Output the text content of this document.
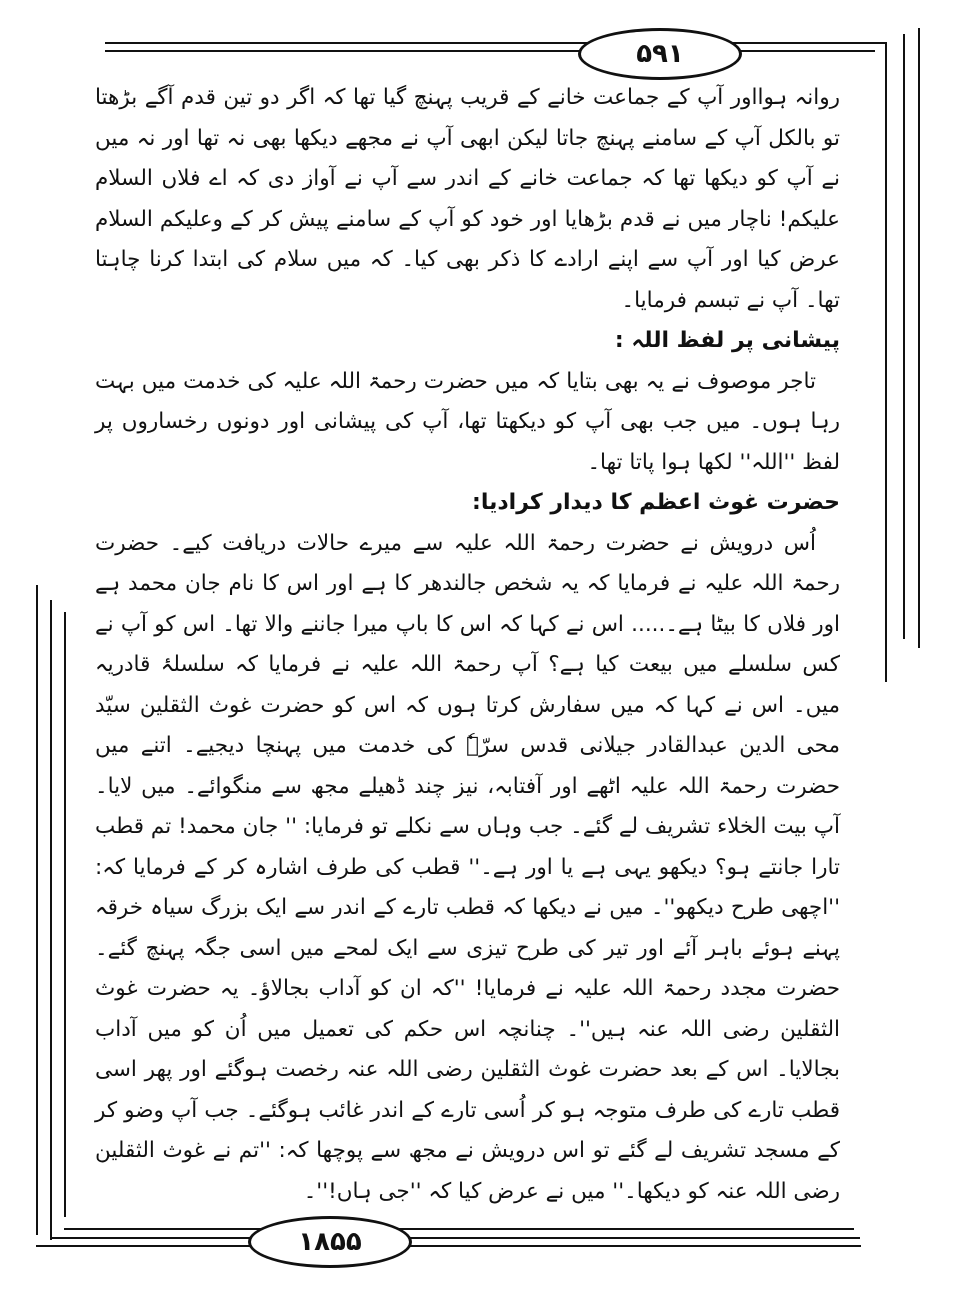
۵۹۱
۱۸۵۵

روانہ ہوااور آپ کے جماعت خانے کے قریب پہنچ گیا تھا کہ اگر دو تین قدم آگے بڑھتا تو بالکل آپ کے سامنے پہنچ جاتا لیکن ابھی آپ نے مجھے دیکھا بھی نہ تھا اور نہ میں نے آپ کو دیکھا تھا کہ جماعت خانے کے اندر سے آپ نے آواز دی کہ اے فلاں السلام علیکم! ناچار میں نے قدم بڑھایا اور خود کو آپ کے سامنے پیش کر کے وعلیکم السلام عرض کیا اور آپ سے اپنے ارادے کا ذکر بھی کیا۔ کہ میں سلام کی ابتدا کرنا چاہتا تھا۔ آپ نے تبسم فرمایا۔

پیشانی پر لفظ اللہ :

تاجر موصوف نے یہ بھی بتایا کہ میں حضرت رحمۃ اللہ علیہ کی خدمت میں بہت رہا ہوں۔ میں جب بھی آپ کو دیکھتا تھا، آپ کی پیشانی اور دونوں رخساروں پر لفظ ''اللہ'' لکھا ہوا پاتا تھا۔

حضرت غوث اعظم کا دیدار کرادیا:

اُس درویش نے حضرت رحمۃ اللہ علیہ سے میرے حالات دریافت کیے۔ حضرت رحمۃ اللہ علیہ نے فرمایا کہ یہ شخص جالندھر کا ہے اور اس کا نام جان محمد ہے اور فلاں کا بیٹا ہے۔..... اس نے کہا کہ اس کا باپ میرا جاننے والا تھا۔ اس کو آپ نے کس سلسلے میں بیعت کیا ہے؟ آپ رحمۃ اللہ علیہ نے فرمایا کہ سلسلۂ قادریہ میں۔ اس نے کہا کہ میں سفارش کرتا ہوں کہ اس کو حضرت غوث الثقلین سیّد محی الدین عبدالقادر جیلانی قدس سرّہٗ کی خدمت میں پہنچا دیجیے۔ اتنے میں حضرت رحمۃ اللہ علیہ اٹھے اور آفتابہ، نیز چند ڈھیلے مجھ سے منگوائے۔ میں لایا۔ آپ بیت الخلاء تشریف لے گئے۔ جب وہاں سے نکلے تو فرمایا: '' جان محمد! تم قطب تارا جانتے ہو؟ دیکھو یہی ہے یا اور ہے۔'' قطب کی طرف اشارہ کر کے فرمایا کہ: ''اچھی طرح دیکھو''۔ میں نے دیکھا کہ قطب تارے کے اندر سے ایک بزرگ سیاہ خرقہ پہنے ہوئے باہر آئے اور تیر کی طرح تیزی سے ایک لمحے میں اسی جگہ پہنچ گئے۔ حضرت مجدد رحمۃ اللہ علیہ نے فرمایا! ''کہ ان کو آداب بجالاؤ۔ یہ حضرت غوث الثقلین رضی اللہ عنہ ہیں''۔ چنانچہ اس حکم کی تعمیل میں اُن کو میں آداب بجالایا۔ اس کے بعد حضرت غوث الثقلین رضی اللہ عنہ رخصت ہوگئے اور پھر اسی قطب تارے کی طرف متوجہ ہو کر اُسی تارے کے اندر غائب ہوگئے۔ جب آپ وضو کر کے مسجد تشریف لے گئے تو اس درویش نے مجھ سے پوچھا کہ: ''تم نے غوث الثقلین رضی اللہ عنہ کو دیکھا۔'' میں نے عرض کیا کہ ''جی ہاں!''۔
